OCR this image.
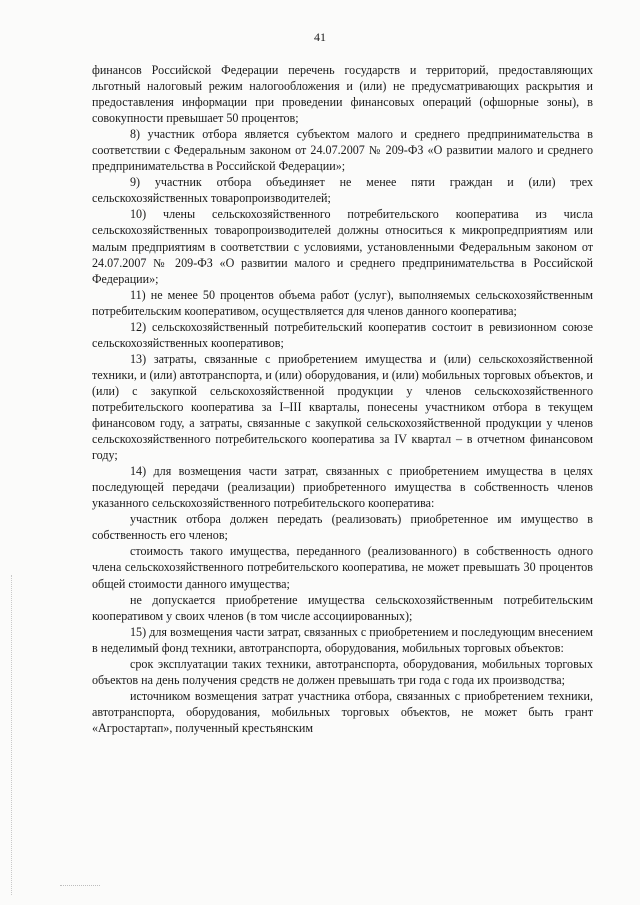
41

финансов Российской Федерации перечень государств и территорий, предоставляющих льготный налоговый режим налогообложения и (или) не предусматривающих раскрытия и предоставления информации при проведении финансовых операций (офшорные зоны), в совокупности превышает 50 процентов;

8) участник отбора является субъектом малого и среднего предпринимательства в соответствии с Федеральным законом от 24.07.2007 № 209-ФЗ «О развитии малого и среднего предпринимательства в Российской Федерации»;

9) участник отбора объединяет не менее пяти граждан и (или) трех сельскохозяйственных товаропроизводителей;

10) члены сельскохозяйственного потребительского кооператива из числа сельскохозяйственных товаропроизводителей должны относиться к микропредприятиям или малым предприятиям в соответствии с условиями, установленными Федеральным законом от 24.07.2007 № 209-ФЗ «О развитии малого и среднего предпринимательства в Российской Федерации»;

11) не менее 50 процентов объема работ (услуг), выполняемых сельскохозяйственным потребительским кооперативом, осуществляется для членов данного кооператива;

12) сельскохозяйственный потребительский кооператив состоит в ревизионном союзе сельскохозяйственных кооперативов;

13) затраты, связанные с приобретением имущества и (или) сельскохозяйственной техники, и (или) автотранспорта, и (или) оборудования, и (или) мобильных торговых объектов, и (или) с закупкой сельскохозяйственной продукции у членов сельскохозяйственного потребительского кооператива за I–III кварталы, понесены участником отбора в текущем финансовом году, а затраты, связанные с закупкой сельскохозяйственной продукции у членов сельскохозяйственного потребительского кооператива за IV квартал – в отчетном финансовом году;

14) для возмещения части затрат, связанных с приобретением имущества в целях последующей передачи (реализации) приобретенного имущества в собственность членов указанного сельскохозяйственного потребительского кооператива:

участник отбора должен передать (реализовать) приобретенное им имущество в собственность его членов;

стоимость такого имущества, переданного (реализованного) в собственность одного члена сельскохозяйственного потребительского кооператива, не может превышать 30 процентов общей стоимости данного имущества;

не допускается приобретение имущества сельскохозяйственным потребительским кооперативом у своих членов (в том числе ассоциированных);

15) для возмещения части затрат, связанных с приобретением и последующим внесением в неделимый фонд техники, автотранспорта, оборудования, мобильных торговых объектов:

срок эксплуатации таких техники, автотранспорта, оборудования, мобильных торговых объектов на день получения средств не должен превышать три года с года их производства;

источником возмещения затрат участника отбора, связанных с приобретением техники, автотранспорта, оборудования, мобильных торговых объектов, не может быть грант «Агростартап», полученный крестьянским
